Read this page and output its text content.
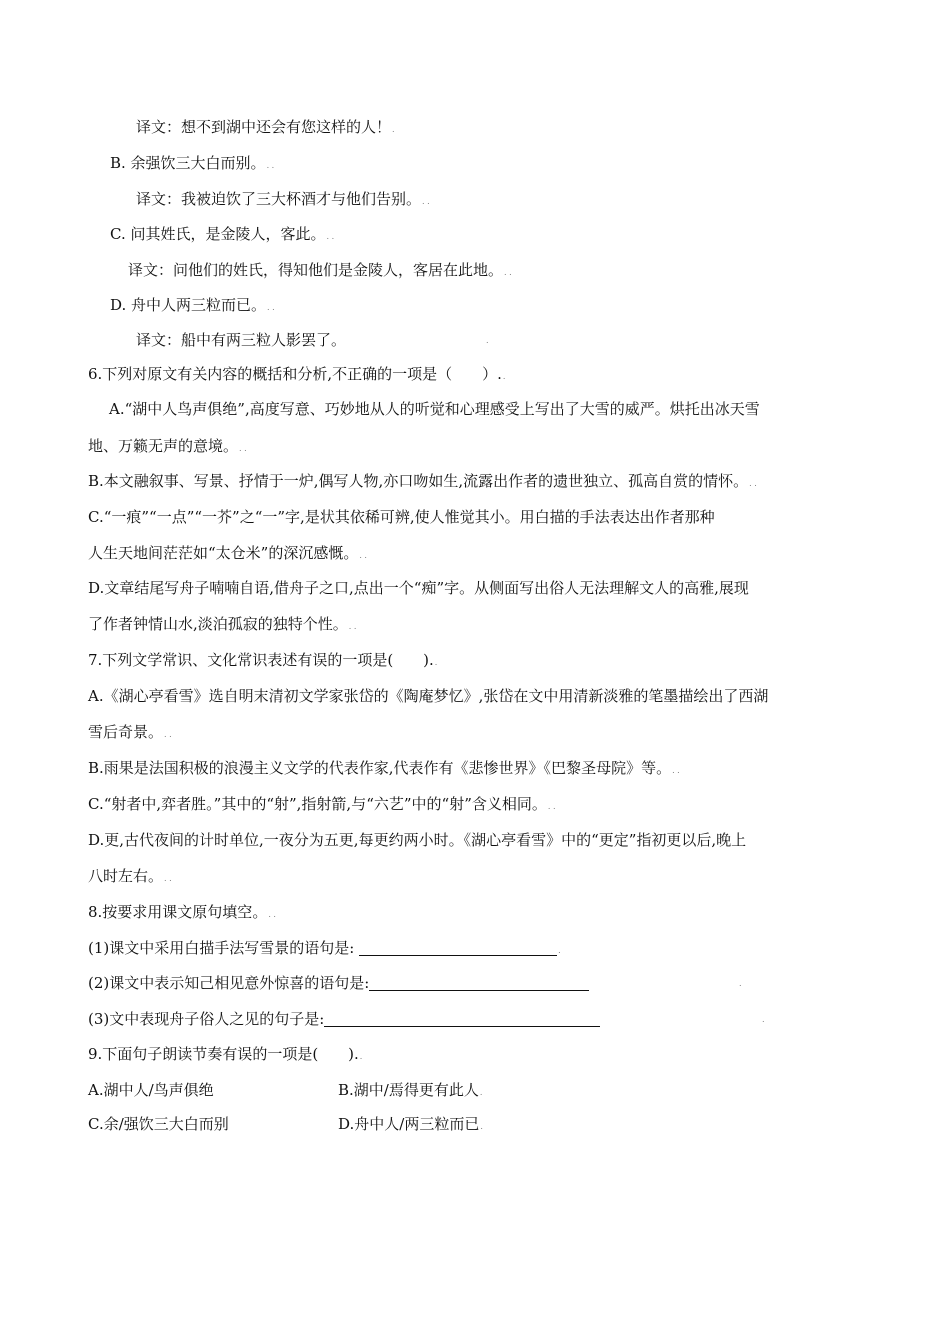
译文：想不到湖中还会有您这样的人！.
B. 余强饮三大白而别。. .
译文：我被迫饮了三大杯酒才与他们告别。. .
C. 问其姓氏，是金陵人，客此。. .
译文：问他们的姓氏，得知他们是金陵人，客居在此地。. .
D. 舟中人两三粒而已。. .
译文：船中有两三粒人影罢了。	.
6.下列对原文有关内容的概括和分析,不正确的一项是（　　）..
A.“湖中人鸟声俱绝”,高度写意、巧妙地从人的听觉和心理感受上写出了大雪的威严。烘托出冰天雪
地、万籁无声的意境。. .
B.本文融叙事、写景、抒情于一炉,偶写人物,亦口吻如生,流露出作者的遗世独立、孤高自赏的情怀。. .
C.“一痕”“一点”“一芥”之“一”字,是状其依稀可辨,使人惟觉其小。用白描的手法表达出作者那种
人生天地间茫茫如“太仓米”的深沉感慨。. .
D.文章结尾写舟子喃喃自语,借舟子之口,点出一个“痴”字。从侧面写出俗人无法理解文人的高雅,展现
了作者钟情山水,淡泊孤寂的独特个性。. .
7.下列文学常识、文化常识表述有误的一项是(　　)..
A.《湖心亭看雪》选自明末清初文学家张岱的《陶庵梦忆》,张岱在文中用清新淡雅的笔墨描绘出了西湖
雪后奇景。. .
B.雨果是法国积极的浪漫主义文学的代表作家,代表作有《悲惨世界》《巴黎圣母院》等。. .
C.“射者中,弈者胜。”其中的“射”,指射箭,与“六艺”中的“射”含义相同。. .
D.更,古代夜间的计时单位,一夜分为五更,每更约两小时。《湖心亭看雪》中的“更定”指初更以后,晚上
八时左右。. .
8.按要求用课文原句填空。. .
(1)课文中采用白描手法写雪景的语句是:	.
(2)课文中表示知己相见意外惊喜的语句是:	.
(3)文中表现舟子俗人之见的句子是:	.
9.下面句子朗读节奏有误的一项是(　　)..
A.湖中人/鸟声俱绝	B.湖中/焉得更有此人.
C.余/强饮三大白而别	D.舟中人/两三粒而已.
